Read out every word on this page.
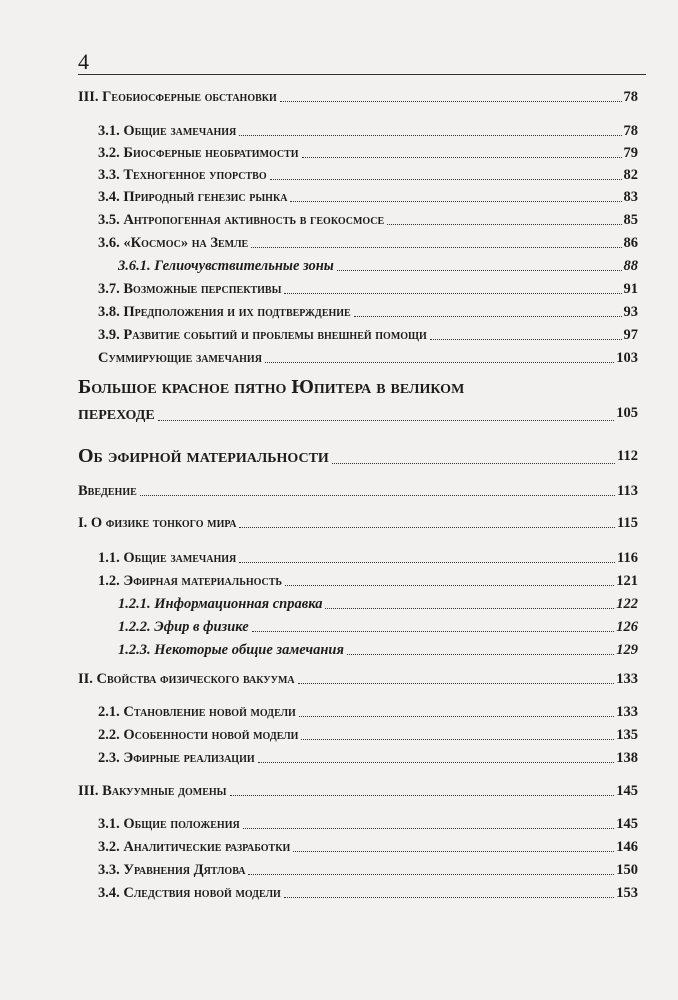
4
III. Геобиосферные обстановки	78
3.1. Общие замечания	78
3.2. Биосферные необратимости	79
3.3. Техногенное упорство	82
3.4. Природный генезис рынка	83
3.5. Антропогенная активность в геокосмосе	85
3.6. «Космос» на Земле	86
3.6.1. Гелиочувствительные зоны	88
3.7. Возможные перспективы	91
3.8. Предположения и их подтверждение	93
3.9. Развитие событий и проблемы внешней помощи	97
Суммирующие замечания	103
Большое красное пятно Юпитера в великом
переходе	105
Об эфирной материальности	112
Введение	113
I. О физике тонкого мира	115
1.1. Общие замечания	116
1.2. Эфирная материальность	121
1.2.1. Информационная справка	122
1.2.2. Эфир в физике	126
1.2.3. Некоторые общие замечания	129
II. Свойства физического вакуума	133
2.1. Становление новой модели	133
2.2. Особенности новой модели	135
2.3. Эфирные реализации	138
III. Вакуумные домены	145
3.1. Общие положения	145
3.2. Аналитические разработки	146
3.3. Уравнения Дятлова	150
3.4. Следствия новой модели	153
